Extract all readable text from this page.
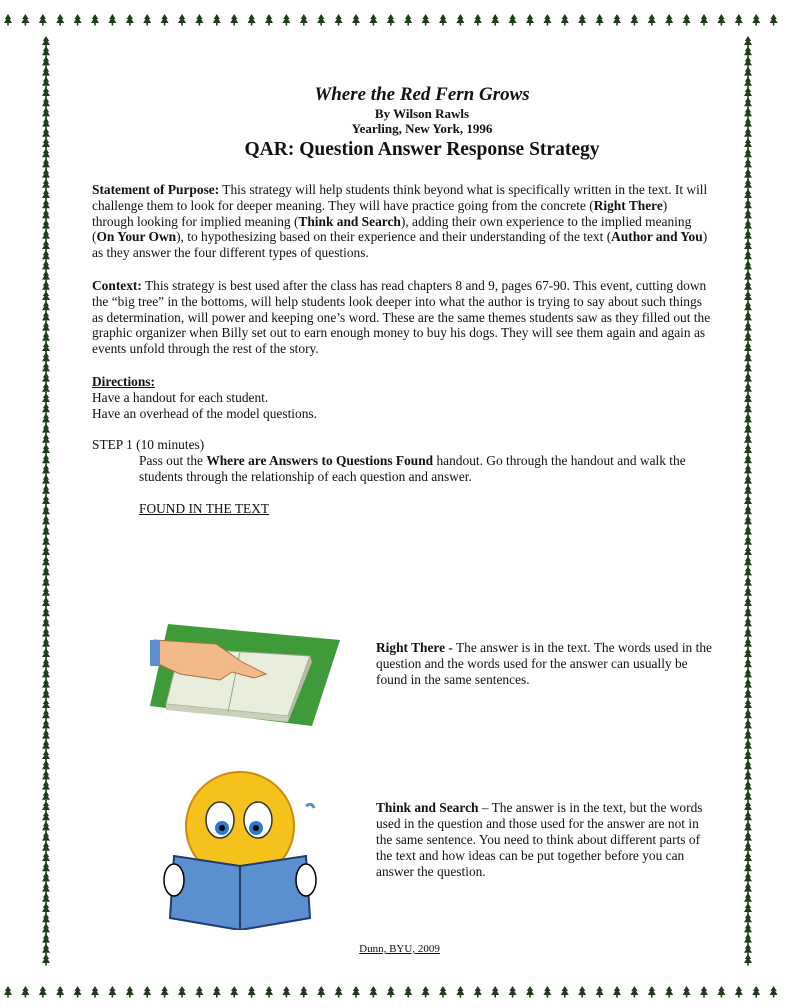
Where the Red Fern Grows
By Wilson Rawls
Yearling, New York, 1996
QAR: Question Answer Response Strategy

Statement of Purpose: This strategy will help students think beyond what is specifically written in the text. It will challenge them to look for deeper meaning. They will have practice going from the concrete (Right There) through looking for implied meaning (Think and Search), adding their own experience to the implied meaning (On Your Own), to hypothesizing based on their experience and their understanding of the text (Author and You) as they answer the four different types of questions.

Context: This strategy is best used after the class has read chapters 8 and 9, pages 67-90. This event, cutting down the “big tree” in the bottoms, will help students look deeper into what the author is trying to say about such things as determination, will power and keeping one’s word. These are the same themes students saw as they filled out the graphic organizer when Billy set out to earn enough money to buy his dogs. They will see them again and again as events unfold through the rest of the story.

Directions:
Have a handout for each student.
Have an overhead of the model questions.
STEP 1 (10 minutes)

Pass out the Where are Answers to Questions Found handout. Go through the handout and walk the students through the relationship of each question and answer.

FOUND IN THE TEXT
Right There - The answer is in the text. The words used in the question and the words used for the answer can usually be found in the same sentences.
Think and Search – The answer is in the text, but the words used in the question and those used for the answer are not in the same sentence. You need to think about different parts of the text and how ideas can be put together before you can answer the question.
Dunn, BYU, 2009
